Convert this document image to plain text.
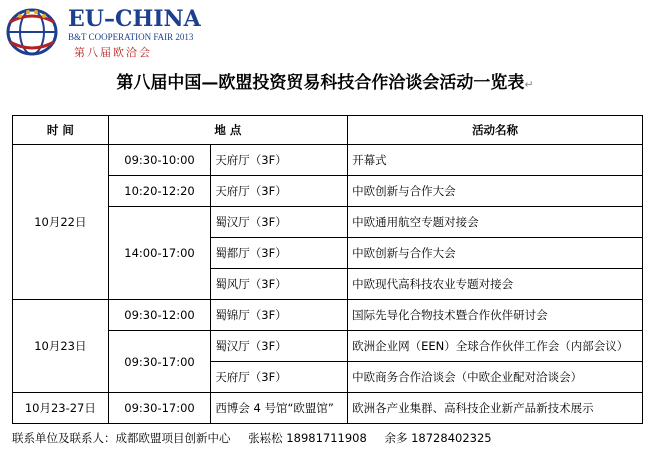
EU–CHINA
B&T COOPERATION FAIR 2013
第八届欧洽会
第八届中国—欧盟投资贸易科技合作洽谈会活动一览表↵
时 间	地 点		活动名称
10月22日	09:30-10:00	天府厅（3F）	开幕式
	10:20-12:20	天府厅（3F）	中欧创新与合作大会
	14:00-17:00	蜀汉厅（3F）	中欧通用航空专题对接会
		蜀都厅（3F）	中欧创新与合作大会
		蜀风厅（3F）	中欧现代高科技农业专题对接会
10月23日	09:30-12:00	蜀锦厅（3F）	国际先导化合物技术暨合作伙伴研讨会
	09:30-17:00	蜀汉厅（3F）	欧洲企业网（EEN）全球合作伙伴工作会（内部会议）
		天府厅（3F）	中欧商务合作洽谈会（中欧企业配对洽谈会）
10月23-27日	09:30-17:00	西博会 4 号馆“欧盟馆”	欧洲各产业集群、高科技企业新产品新技术展示
联系单位及联系人：成都欧盟项目创新中心 张崧松 18981711908 余多 18728402325
